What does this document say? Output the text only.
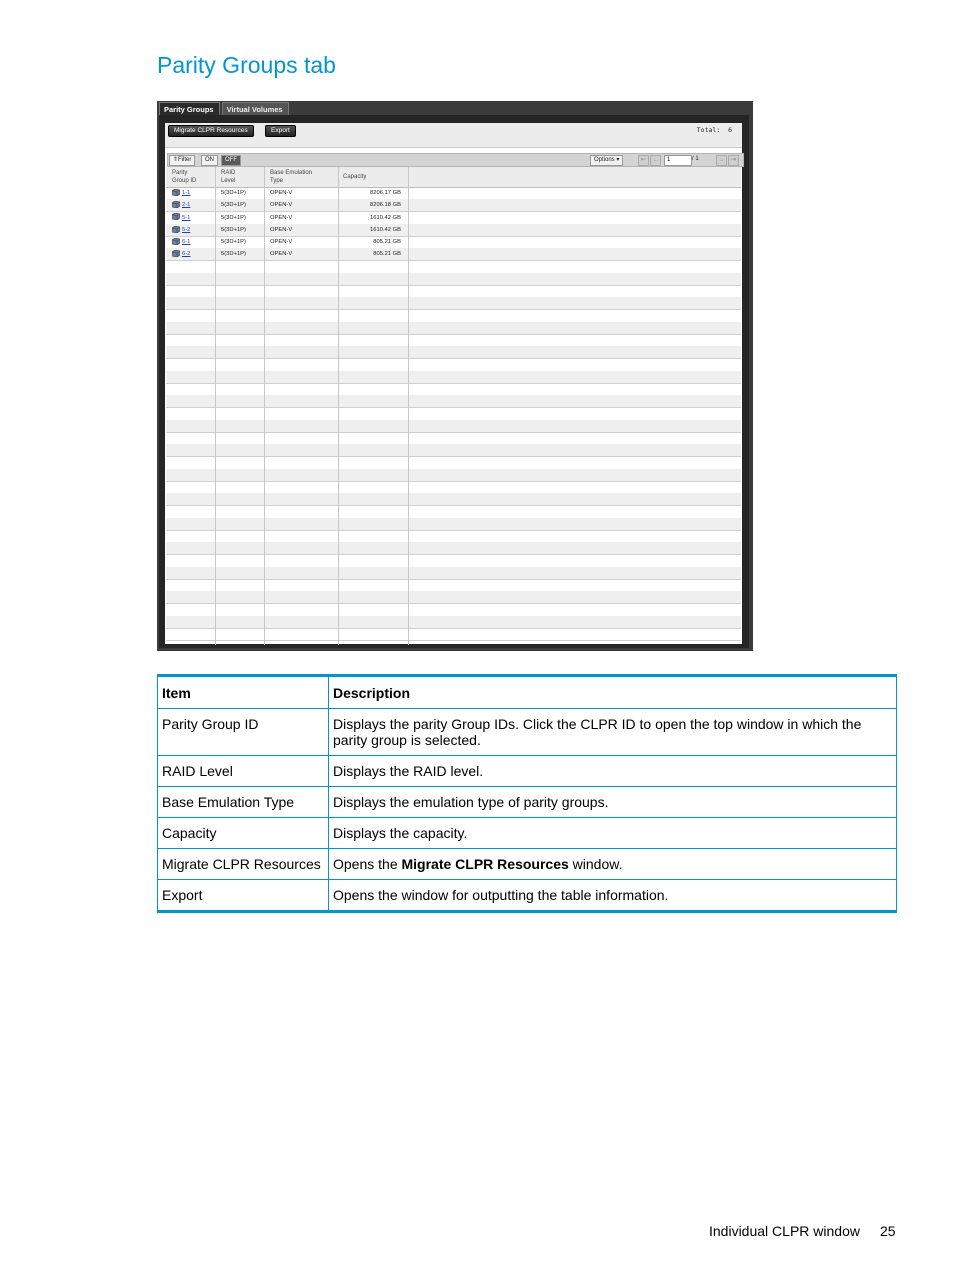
Parity Groups tab
Parity Groups	Virtual Volumes
Migrate CLPR Resources	Export	Total: 6
⇑Filter	ON	OFF	Options ▾	⇤	←	1	/ 1	→	⇥
Parity
Group ID
RAID
Level
Base Emulation
Type
Capacity
1-1	5(3D+1P)	OPEN-V	8206.17 GB
2-1	5(3D+1P)	OPEN-V	8206.18 GB
5-1	5(3D+1P)	OPEN-V	1610.42 GB
5-2	5(3D+1P)	OPEN-V	1610.42 GB
6-1	5(3D+1P)	OPEN-V	805.21 GB
6-2	5(3D+1P)	OPEN-V	805.21 GB
Item	Description
Parity Group ID	Displays the parity Group IDs. Click the CLPR ID to open the top window in which the parity group is selected.
RAID Level	Displays the RAID level.
Base Emulation Type	Displays the emulation type of parity groups.
Capacity	Displays the capacity.
Migrate CLPR Resources	Opens the Migrate CLPR Resources window.
Export	Opens the window for outputting the table information.
Individual CLPR window 25
